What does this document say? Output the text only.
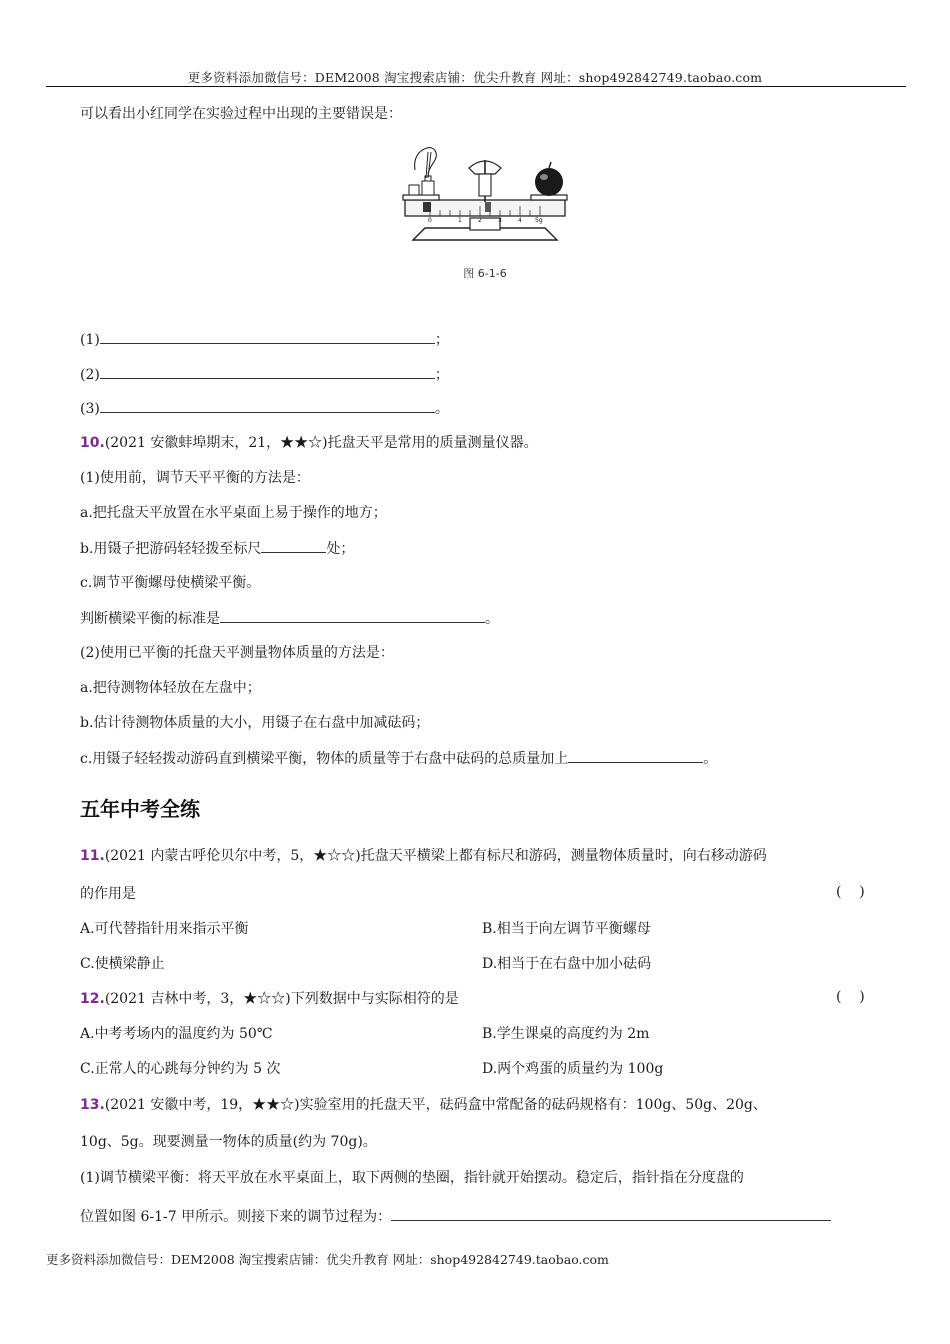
更多资料添加微信号：DEM2008 淘宝搜索店铺：优尖升教育 网址：shop492842749.taobao.com
可以看出小红同学在实验过程中出现的主要错误是：
0	1	2	3	4 5g
图 6-1-6
(1)	；
(2)	；
(3)	。
10.(2021 安徽蚌埠期末，21，★★☆)托盘天平是常用的质量测量仪器。
(1)使用前，调节天平平衡的方法是：
a.把托盘天平放置在水平桌面上易于操作的地方；
b.用镊子把游码轻轻拨至标尺	处；
c.调节平衡螺母使横梁平衡。
判断横梁平衡的标准是	。
(2)使用已平衡的托盘天平测量物体质量的方法是：
a.把待测物体轻放在左盘中；
b.估计待测物体质量的大小，用镊子在右盘中加减砝码；
c.用镊子轻轻拨动游码直到横梁平衡，物体的质量等于右盘中砝码的总质量加上	。
五年中考全练
11.(2021 内蒙古呼伦贝尔中考，5，★☆☆)托盘天平横梁上都有标尺和游码，测量物体质量时，向右移动游码
的作用是	(    )
A.可代替指针用来指示平衡	B.相当于向左调节平衡螺母
C.使横梁静止	D.相当于在右盘中加小砝码
12.(2021 吉林中考，3，★☆☆)下列数据中与实际相符的是	(    )
A.中考考场内的温度约为 50℃	B.学生课桌的高度约为 2m
C.正常人的心跳每分钟约为 5 次	D.两个鸡蛋的质量约为 100g
13.(2021 安徽中考，19，★★☆)实验室用的托盘天平，砝码盒中常配备的砝码规格有：100g、50g、20g、
10g、5g。现要测量一物体的质量(约为 70g)。
(1)调节横梁平衡：将天平放在水平桌面上，取下两侧的垫圈，指针就开始摆动。稳定后，指针指在分度盘的
位置如图 6-1-7 甲所示。则接下来的调节过程为：
更多资料添加微信号：DEM2008 淘宝搜索店铺：优尖升教育 网址：shop492842749.taobao.com
